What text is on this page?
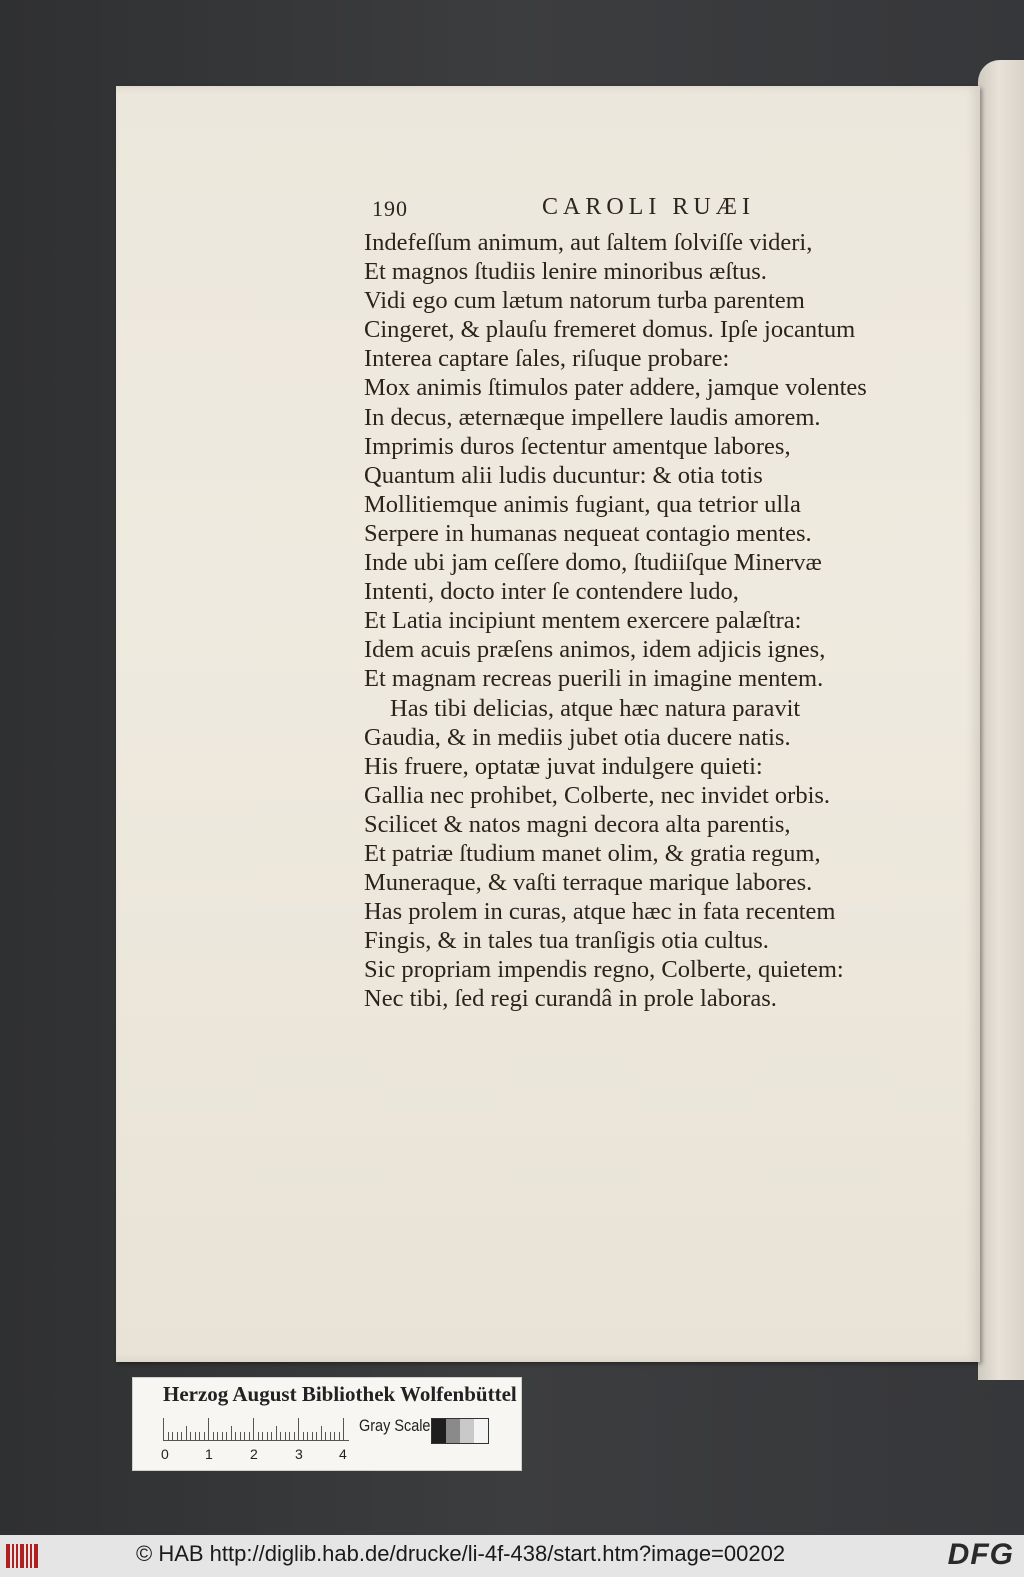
190	CAROLI RUÆI
Indefeſſum animum, aut ſaltem ſolviſſe videri,
Et magnos ſtudiis lenire minoribus æſtus.
Vidi ego cum lætum natorum turba parentem
Cingeret, & plauſu fremeret domus. Ipſe jocantum
Interea captare ſales, riſuque probare:
Mox animis ſtimulos pater addere, jamque volentes
In decus, æternæque impellere laudis amorem.
Imprimis duros ſectentur amentque labores,
Quantum alii ludis ducuntur: & otia totis
Mollitiemque animis fugiant, qua tetrior ulla
Serpere in humanas nequeat contagio mentes.
Inde ubi jam ceſſere domo, ſtudiiſque Minervæ
Intenti, docto inter ſe contendere ludo,
Et Latia incipiunt mentem exercere palæſtra:
Idem acuis præſens animos, idem adjicis ignes,
Et magnam recreas puerili in imagine mentem.
Has tibi delicias, atque hæc natura paravit
Gaudia, & in mediis jubet otia ducere natis.
His fruere, optatæ juvat indulgere quieti:
Gallia nec prohibet, Colberte, nec invidet orbis.
Scilicet & natos magni decora alta parentis,
Et patriæ ſtudium manet olim, & gratia regum,
Muneraque, & vaſti terraque marique labores.
Has prolem in curas, atque hæc in fata recentem
Fingis, & in tales tua tranſigis otia cultus.
Sic propriam impendis regno, Colberte, quietem:
Nec tibi, ſed regi curandâ in prole laboras.
Herzog August Bibliothek Wolfenbüttel
0	1	2	3	4
Gray Scale
© HAB http://diglib.hab.de/drucke/li-4f-438/start.htm?image=00202	DFG
